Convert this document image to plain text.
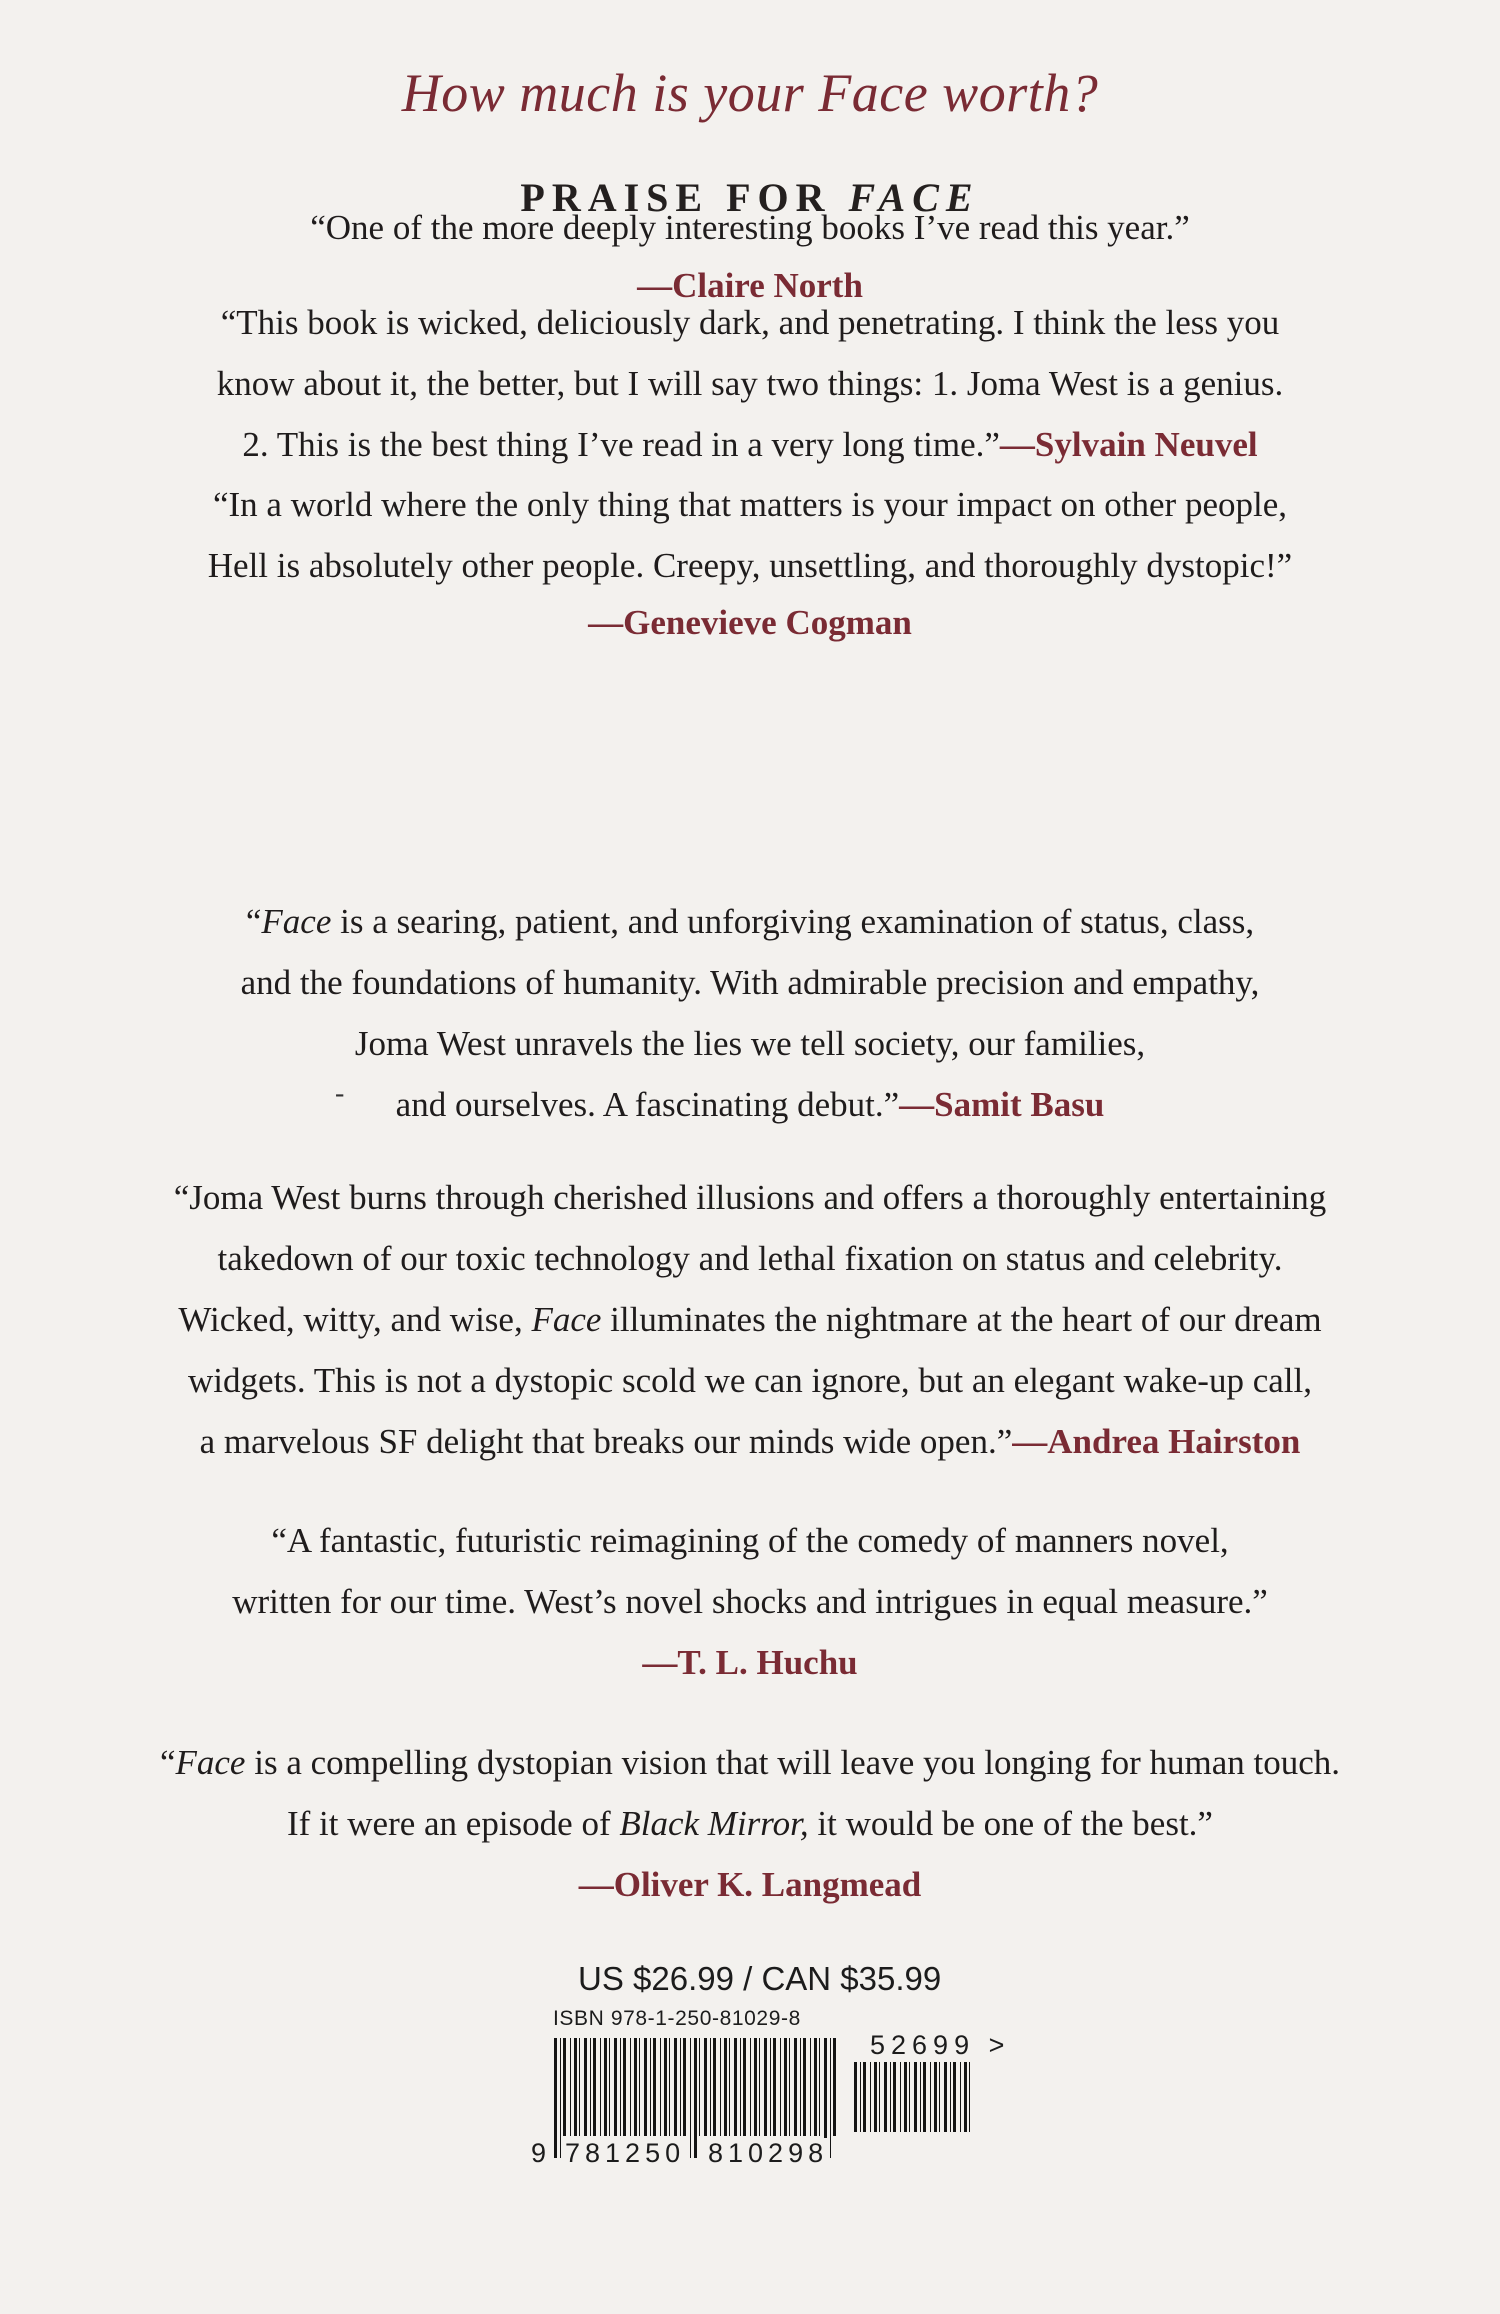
How much is your Face worth?
PRAISE FOR FACE
“One of the more deeply interesting books I’ve read this year.”
—Claire North
“This book is wicked, deliciously dark, and penetrating. I think the less you
know about it, the better, but I will say two things: 1. Joma West is a genius.
2. This is the best thing I’ve read in a very long time.”—Sylvain Neuvel
“In a world where the only thing that matters is your impact on other people,
Hell is absolutely other people. Creepy, unsettling, and thoroughly dystopic!”
—Genevieve Cogman
“Face is a searing, patient, and unforgiving examination of status, class,
and the foundations of humanity. With admirable precision and empathy,
Joma West unravels the lies we tell society, our families,
and ourselves. A fascinating debut.”—Samit Basu
-
“Joma West burns through cherished illusions and offers a thoroughly entertaining
takedown of our toxic technology and lethal fixation on status and celebrity.
Wicked, witty, and wise, Face illuminates the nightmare at the heart of our dream
widgets. This is not a dystopic scold we can ignore, but an elegant wake-up call,
a marvelous SF delight that breaks our minds wide open.”—Andrea Hairston
“A fantastic, futuristic reimagining of the comedy of manners novel,
written for our time. West’s novel shocks and intrigues in equal measure.”
—T. L. Huchu
“Face is a compelling dystopian vision that will leave you longing for human touch.
If it were an episode of Black Mirror, it would be one of the best.”
—Oliver K. Langmead
US $26.99 / CAN $35.99
ISBN 978-1-250-81029-8
52699 >
9 781250 810298
